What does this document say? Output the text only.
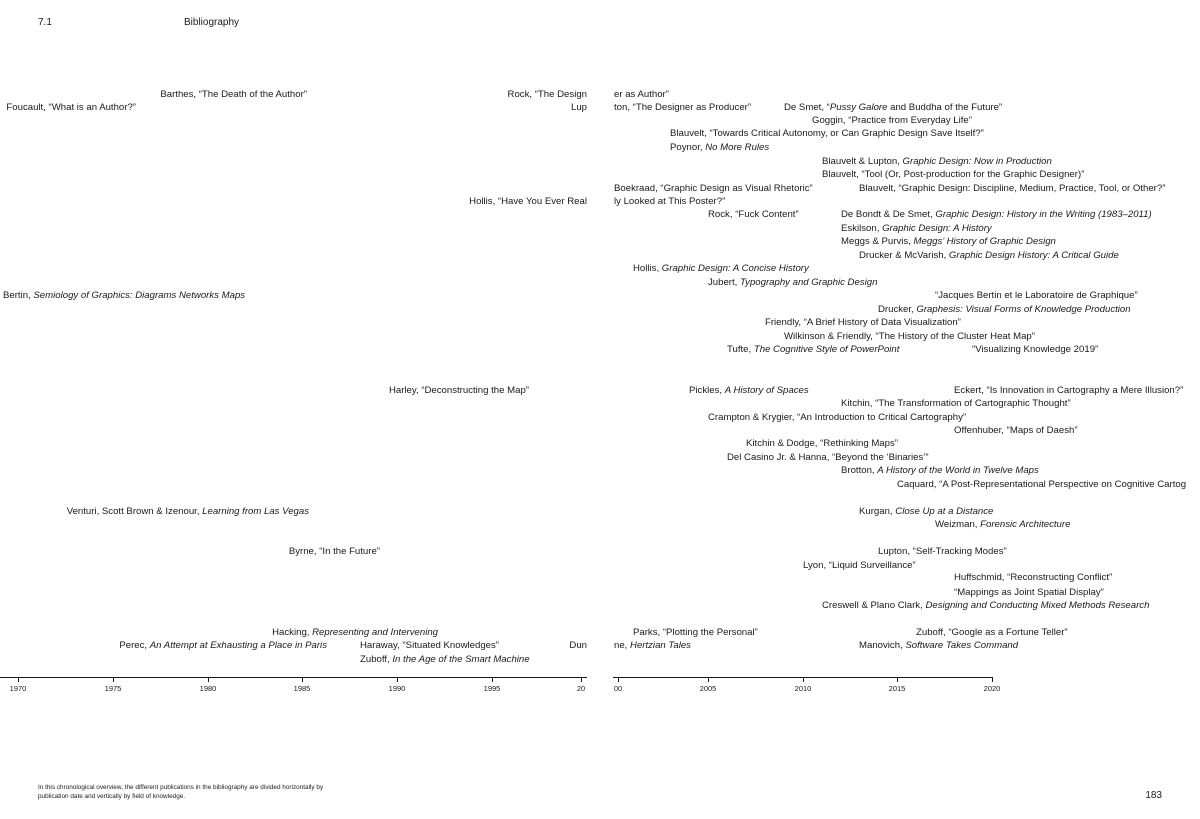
7.1	Bibliography
Barthes, “The Death of the Author”	Rock, “The Design	er as Author”
Foucault, “What is an Author?”	Lup	ton, “The Designer as Producer”	De Smet, “Pussy Galore and Buddha of the Future”
Goggin, “Practice from Everyday Life”
Blauvelt, “Towards Critical Autonomy, or Can Graphic Design Save Itself?”
Poynor, No More Rules
Blauvelt & Lupton, Graphic Design: Now in Production
Blauvelt, “Tool (Or, Post-production for the Graphic Designer)”
Boekraad, “Graphic Design as Visual Rhetoric”	Blauvelt, “Graphic Design: Discipline, Medium, Practice, Tool, or Other?”
Hollis, “Have You Ever Real	ly Looked at This Poster?”
Rock, “Fuck Content”	De Bondt & De Smet, Graphic Design: History in the Writing (1983–2011)
Eskilson, Graphic Design: A History
Meggs & Purvis, Meggs’ History of Graphic Design
Drucker & McVarish, Graphic Design History: A Critical Guide
Hollis, Graphic Design: A Concise History
Jubert, Typography and Graphic Design
Bertin, Semiology of Graphics: Diagrams Networks Maps	“Jacques Bertin et le Laboratoire de Graphique”
Drucker, Graphesis: Visual Forms of Knowledge Production
Friendly, “A Brief History of Data Visualization”
Wilkinson & Friendly, “The History of the Cluster Heat Map”
Tufte, The Cognitive Style of PowerPoint	“Visualizing Knowledge 2019”
Harley, “Deconstructing the Map”	Pickles, A History of Spaces	Eckert, “Is Innovation in Cartography a Mere Illusion?”
Kitchin, “The Transformation of Cartographic Thought”
Crampton & Krygier, “An Introduction to Critical Cartography”
Offenhuber, “Maps of Daesh”
Kitchin & Dodge, “Rethinking Maps”
Del Casino Jr. & Hanna, “Beyond the ‘Binaries’”
Brotton, A History of the World in Twelve Maps
Caquard, “A Post-Representational Perspective on Cognitive Cartog
Venturi, Scott Brown & Izenour, Learning from Las Vegas	Kurgan, Close Up at a Distance
Weizman, Forensic Architecture
Byrne, “In the Future”	Lupton, “Self-Tracking Modes”
Lyon, “Liquid Surveillance”
Huffschmid, “Reconstructing Conflict”
“Mappings as Joint Spatial Display”
Creswell & Plano Clark, Designing and Conducting Mixed Methods Research
Hacking, Representing and Intervening	Parks, “Plotting the Personal”	Zuboff, “Google as a Fortune Teller”
Perec, An Attempt at Exhausting a Place in Paris	Haraway, “Situated Knowledges”	Dun	ne, Hertzian Tales	Manovich, Software Takes Command
Zuboff, In the Age of the Smart Machine
1970	1975	1980	1985	1990	1995	20	00	2005	2010	2015	2020
In this chronological overview, the different publications in the bibliography are divided horizontally by publication date and vertically by field of knowledge.	183
